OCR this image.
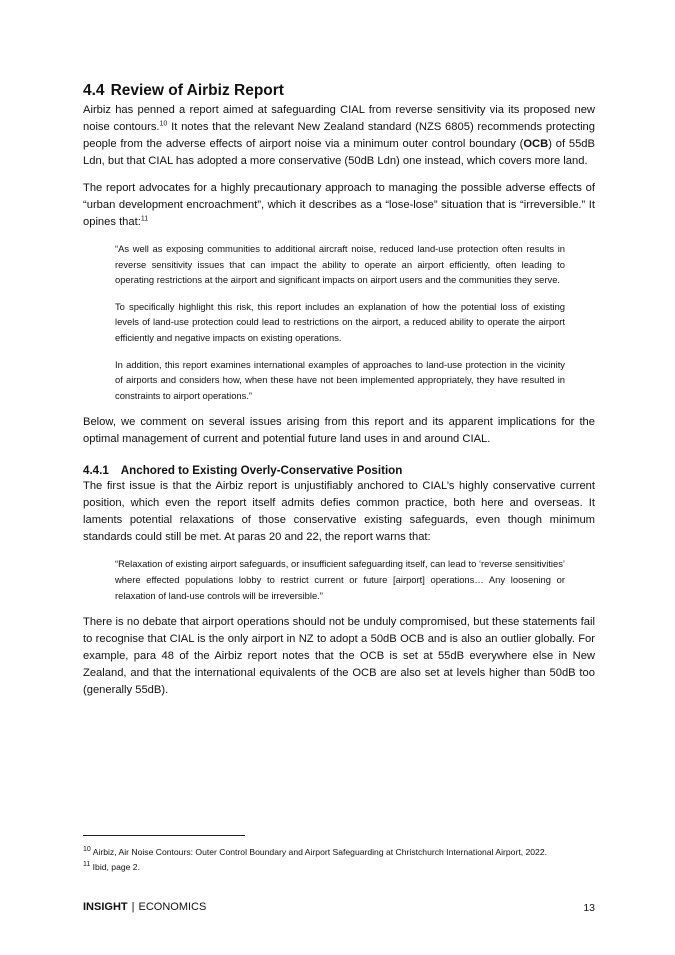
4.4 Review of Airbiz Report

Airbiz has penned a report aimed at safeguarding CIAL from reverse sensitivity via its proposed new noise contours.$^{10}$ It notes that the relevant New Zealand standard (NZS 6805) recommends protecting people from the adverse effects of airport noise via a minimum outer control boundary (OCB) of 55dB Ldn, but that CIAL has adopted a more conservative (50dB Ldn) one instead, which covers more land.

The report advocates for a highly precautionary approach to managing the possible adverse effects of “urban development encroachment”, which it describes as a “lose-lose” situation that is “irreversible.” It opines that:$^{11}$

“As well as exposing communities to additional aircraft noise, reduced land-use protection often results in reverse sensitivity issues that can impact the ability to operate an airport efficiently, often leading to operating restrictions at the airport and significant impacts on airport users and the communities they serve.

To specifically highlight this risk, this report includes an explanation of how the potential loss of existing levels of land-use protection could lead to restrictions on the airport, a reduced ability to operate the airport efficiently and negative impacts on existing operations.

In addition, this report examines international examples of approaches to land-use protection in the vicinity of airports and considers how, when these have not been implemented appropriately, they have resulted in constraints to airport operations.”

Below, we comment on several issues arising from this report and its apparent implications for the optimal management of current and potential future land uses in and around CIAL.

4.4.1 Anchored to Existing Overly-Conservative Position

The first issue is that the Airbiz report is unjustifiably anchored to CIAL’s highly conservative current position, which even the report itself admits defies common practice, both here and overseas. It laments potential relaxations of those conservative existing safeguards, even though minimum standards could still be met. At paras 20 and 22, the report warns that:

“Relaxation of existing airport safeguards, or insufficient safeguarding itself, can lead to ‘reverse sensitivities’ where effected populations lobby to restrict current or future [airport] operations… Any loosening or relaxation of land-use controls will be irreversible.”

There is no debate that airport operations should not be unduly compromised, but these statements fail to recognise that CIAL is the only airport in NZ to adopt a 50dB OCB and is also an outlier globally. For example, para 48 of the Airbiz report notes that the OCB is set at 55dB everywhere else in New Zealand, and that the international equivalents of the OCB are also set at levels higher than 50dB too (generally 55dB).

$^{10}$ Airbiz, Air Noise Contours: Outer Control Boundary and Airport Safeguarding at Christchurch International Airport, 2022.
$^{11}$ Ibid, page 2.
INSIGHT | ECONOMICS	13
